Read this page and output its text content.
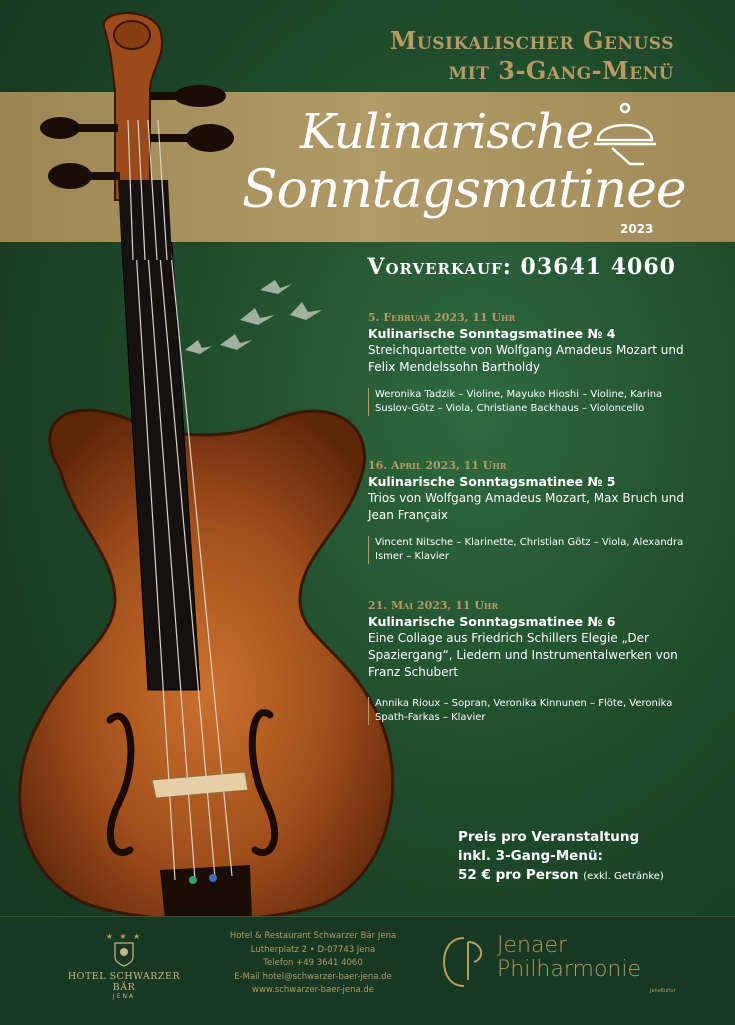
Musikalischer Genuss
mit 3-Gang-Menü
Kulinarische
Sonntagsmatinee
2023
Vorverkauf: 03641 4060
5. Februar 2023, 11 Uhr
Kulinarische Sonntagsmatinee № 4
Streichquartette von Wolfgang Amadeus Mozart und Felix Mendelssohn Bartholdy
Weronika Tadzik – Violine, Mayuko Hioshi – Violine, Karina Suslov-Götz – Viola, Christiane Backhaus – Violoncello
16. April 2023, 11 Uhr
Kulinarische Sonntagsmatinee № 5
Trios von Wolfgang Amadeus Mozart, Max Bruch und Jean Françaix
Vincent Nitsche – Klarinette, Christian Götz – Viola, Alexandra Ismer – Klavier
21. Mai 2023, 11 Uhr
Kulinarische Sonntagsmatinee № 6
Eine Collage aus Friedrich Schillers Elegie „Der Spaziergang“, Liedern und Instrumentalwerken von Franz Schubert
Annika Rioux – Sopran, Veronika Kinnunen – Flöte, Veronika Spath-Farkas – Klavier
Preis pro Veranstaltung
inkl. 3-Gang-Menü:
52 € pro Person (exkl. Getränke)
★ ★ ★
HOTEL SCHWARZER BÄR
JENA
Hotel & Restaurant Schwarzer Bär Jena
Lutherplatz 2 • D-07743 Jena
Telefon +49 3641 4060
E-Mail hotel@schwarzer-baer-jena.de
www.schwarzer-baer-jena.de
Jenaer
Philharmonie
JenaKultur
